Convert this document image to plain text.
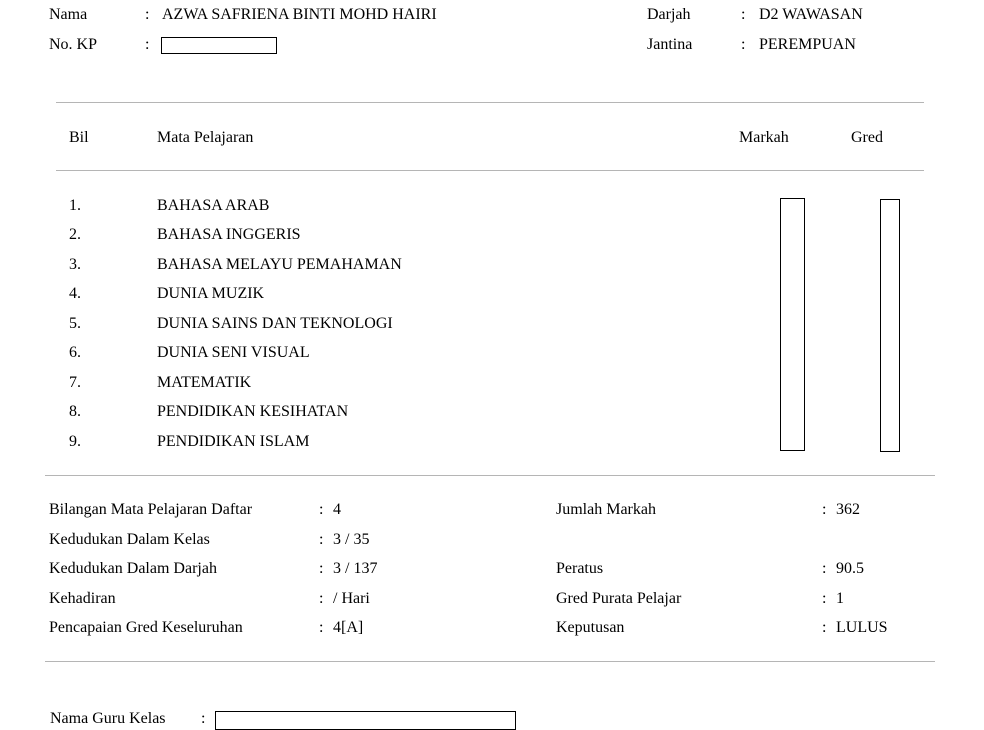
Nama	: AZWA SAFRIENA BINTI MOHD HAIRI
No. KP	:
Darjah	: D2 WAWASAN
Jantina	: PEREMPUAN
Bil	Mata Pelajaran	Markah	Gred
1.	BAHASA ARAB
2.	BAHASA INGGERIS
3.	BAHASA MELAYU PEMAHAMAN
4.	DUNIA MUZIK
5.	DUNIA SAINS DAN TEKNOLOGI
6.	DUNIA SENI VISUAL
7.	MATEMATIK
8.	PENDIDIKAN KESIHATAN
9.	PENDIDIKAN ISLAM
Bilangan Mata Pelajaran Daftar	: 4
Kedudukan Dalam Kelas	: 3 / 35
Kedudukan Dalam Darjah	: 3 / 137
Kehadiran	: / Hari
Pencapaian Gred Keseluruhan	: 4[A]
Jumlah Markah	: 362
Peratus	: 90.5
Gred Purata Pelajar	: 1
Keputusan	: LULUS
Nama Guru Kelas :
